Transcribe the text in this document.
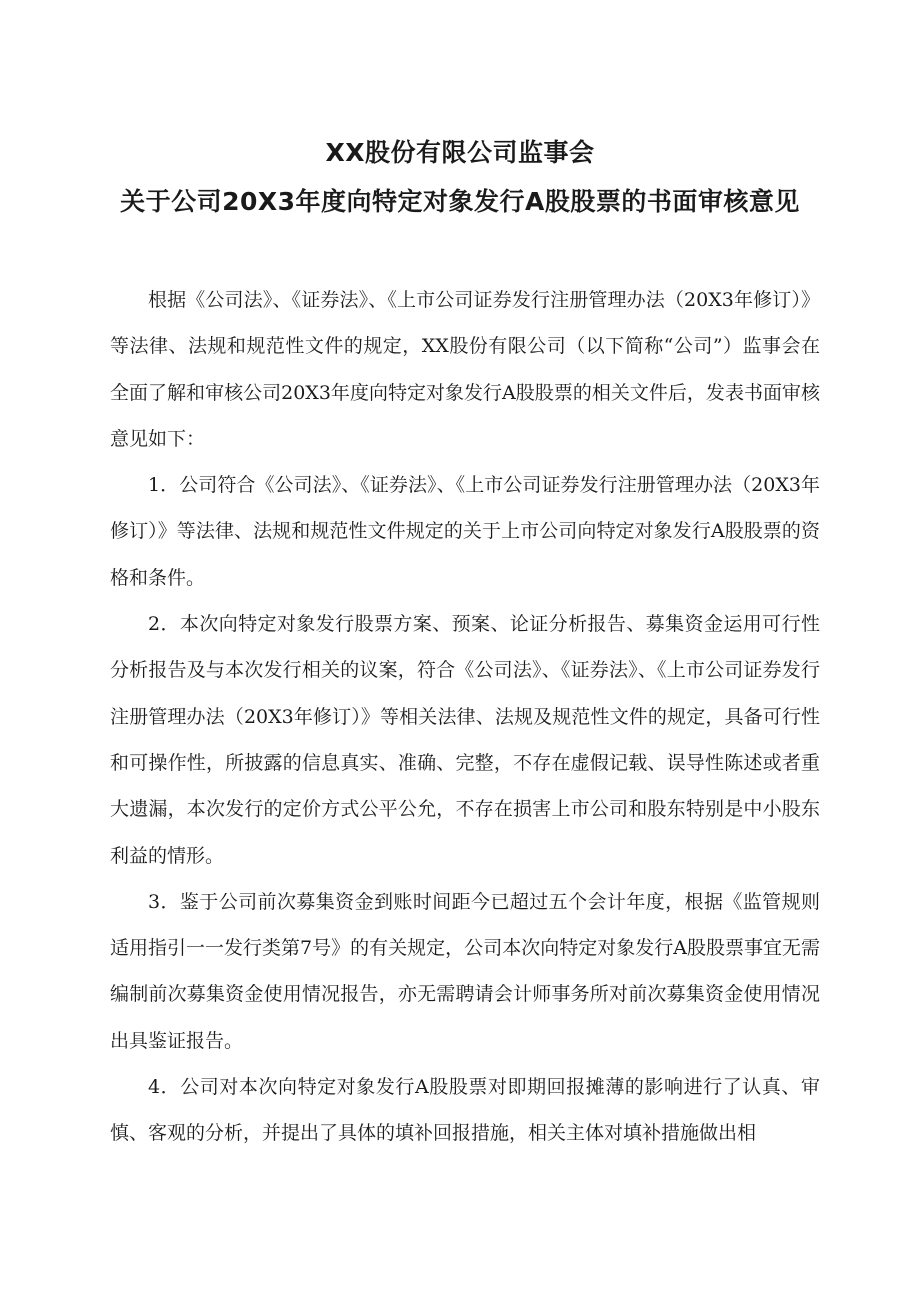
XX股份有限公司监事会
关于公司20X3年度向特定对象发行A股股票的书面审核意见

根据《公司法》、《证券法》、《上市公司证券发行注册管理办法（20X3年修订）》等法律、法规和规范性文件的规定，XX股份有限公司（以下简称“公司”）监事会在全面了解和审核公司20X3年度向特定对象发行A股股票的相关文件后，发表书面审核意见如下：

1．公司符合《公司法》、《证券法》、《上市公司证券发行注册管理办法（20X3年修订）》等法律、法规和规范性文件规定的关于上市公司向特定对象发行A股股票的资格和条件。

2．本次向特定对象发行股票方案、预案、论证分析报告、募集资金运用可行性分析报告及与本次发行相关的议案，符合《公司法》、《证券法》、《上市公司证券发行注册管理办法（20X3年修订）》等相关法律、法规及规范性文件的规定，具备可行性和可操作性，所披露的信息真实、准确、完整，不存在虚假记载、误导性陈述或者重大遗漏，本次发行的定价方式公平公允，不存在损害上市公司和股东特别是中小股东利益的情形。

3．鉴于公司前次募集资金到账时间距今已超过五个会计年度，根据《监管规则适用指引一一发行类第7号》的有关规定，公司本次向特定对象发行A股股票事宜无需编制前次募集资金使用情况报告，亦无需聘请会计师事务所对前次募集资金使用情况出具鉴证报告。

4．公司对本次向特定对象发行A股股票对即期回报摊薄的影响进行了认真、审慎、客观的分析，并提出了具体的填补回报措施，相关主体对填补措施做出相
